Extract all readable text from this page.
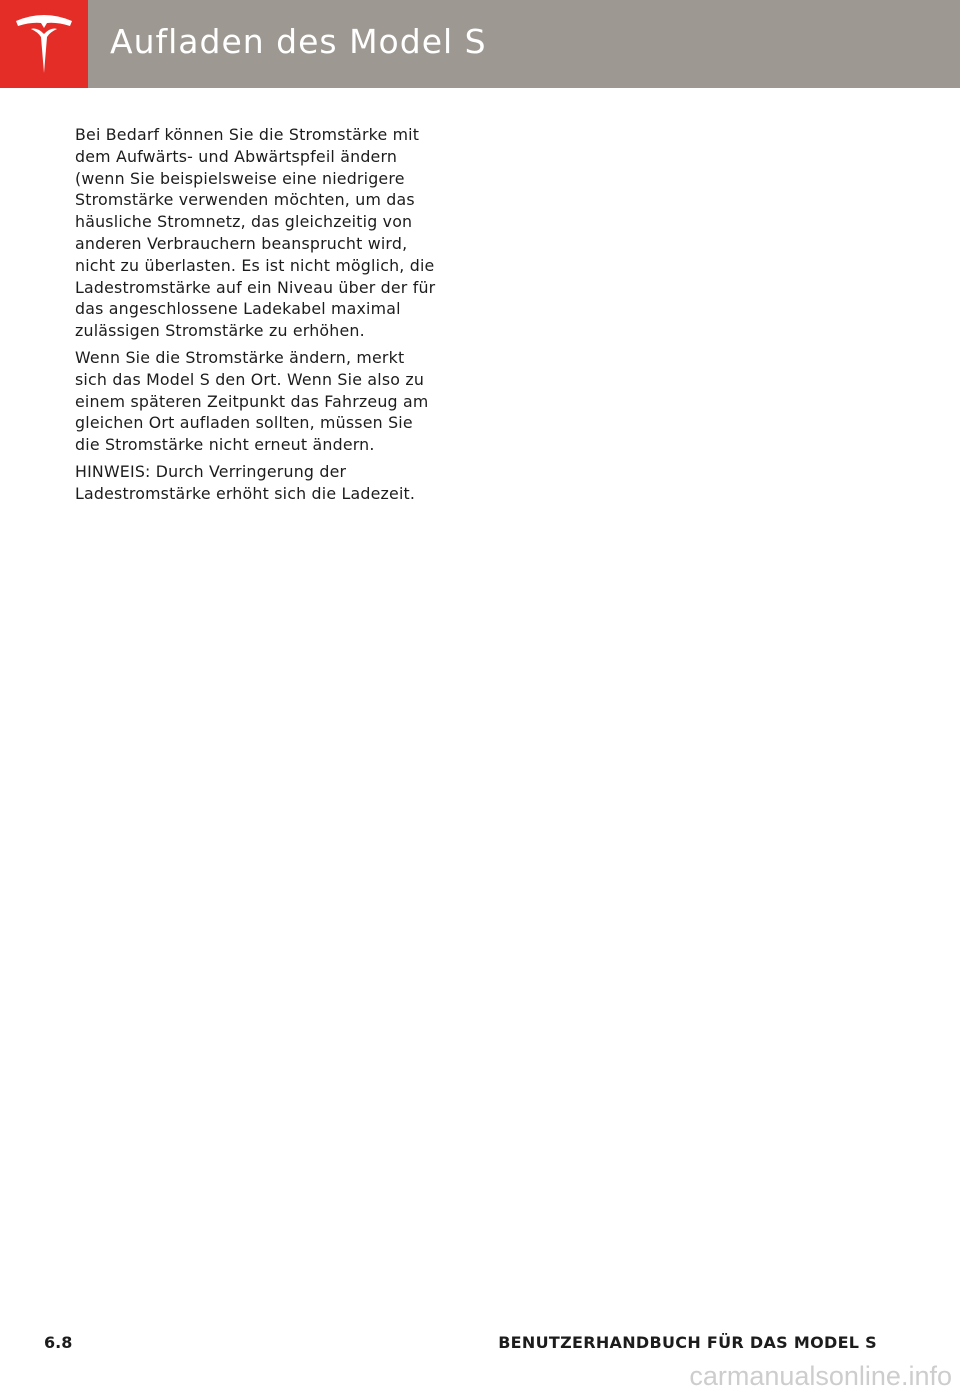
Aufladen des Model S

Bei Bedarf können Sie die Stromstärke mit dem Aufwärts- und Abwärtspfeil ändern (wenn Sie beispielsweise eine niedrigere Stromstärke verwenden möchten, um das häusliche Stromnetz, das gleichzeitig von anderen Verbrauchern beansprucht wird, nicht zu überlasten. Es ist nicht möglich, die Ladestromstärke auf ein Niveau über der für das angeschlossene Ladekabel maximal zulässigen Stromstärke zu erhöhen.

Wenn Sie die Stromstärke ändern, merkt sich das Model S den Ort. Wenn Sie also zu einem späteren Zeitpunkt das Fahrzeug am gleichen Ort aufladen sollten, müssen Sie die Stromstärke nicht erneut ändern.

HINWEIS: Durch Verringerung der Ladestromstärke erhöht sich die Ladezeit.

6.8	BENUTZERHANDBUCH FÜR DAS MODEL S
carmanualsonline.info
